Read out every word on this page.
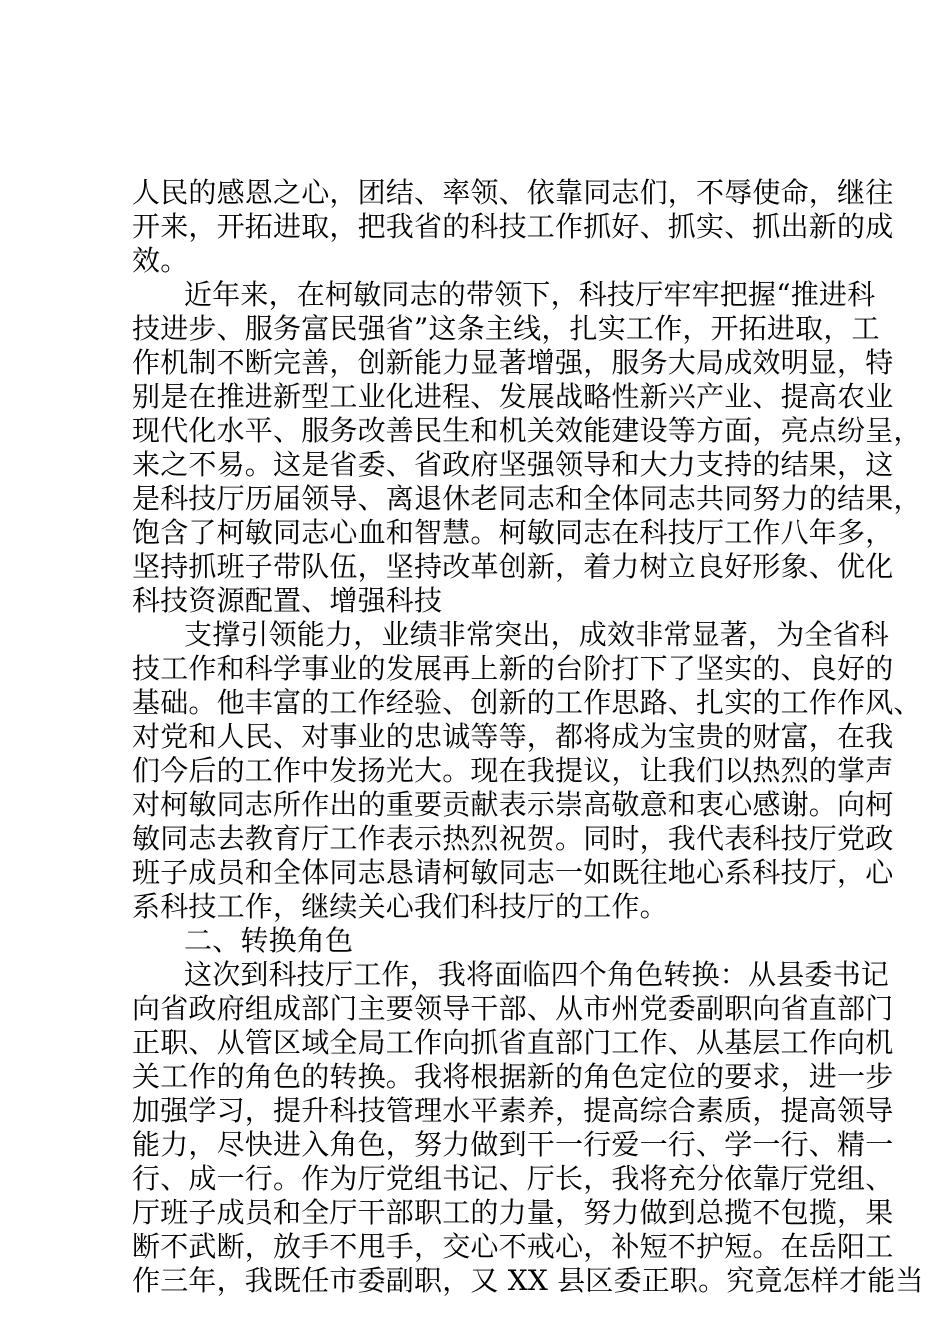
人民的感恩之心，团结、率领、依靠同志们，不辱使命，继往
开来，开拓进取，把我省的科技工作抓好、抓实、抓出新的成
效。
近年来，在柯敏同志的带领下，科技厅牢牢把握“推进科
技进步、服务富民强省”这条主线，扎实工作，开拓进取，工
作机制不断完善，创新能力显著增强，服务大局成效明显，特
别是在推进新型工业化进程、发展战略性新兴产业、提高农业
现代化水平、服务改善民生和机关效能建设等方面，亮点纷呈，
来之不易。这是省委、省政府坚强领导和大力支持的结果，这
是科技厅历届领导、离退休老同志和全体同志共同努力的结果，
饱含了柯敏同志心血和智慧。柯敏同志在科技厅工作八年多，
坚持抓班子带队伍，坚持改革创新，着力树立良好形象、优化
科技资源配置、增强科技
支撑引领能力，业绩非常突出，成效非常显著，为全省科
技工作和科学事业的发展再上新的台阶打下了坚实的、良好的
基础。他丰富的工作经验、创新的工作思路、扎实的工作作风、
对党和人民、对事业的忠诚等等，都将成为宝贵的财富，在我
们今后的工作中发扬光大。现在我提议，让我们以热烈的掌声
对柯敏同志所作出的重要贡献表示崇高敬意和衷心感谢。向柯
敏同志去教育厅工作表示热烈祝贺。同时，我代表科技厅党政
班子成员和全体同志恳请柯敏同志一如既往地心系科技厅，心
系科技工作，继续关心我们科技厅的工作。
二、转换角色
这次到科技厅工作，我将面临四个角色转换：从县委书记
向省政府组成部门主要领导干部、从市州党委副职向省直部门
正职、从管区域全局工作向抓省直部门工作、从基层工作向机
关工作的角色的转换。我将根据新的角色定位的要求，进一步
加强学习，提升科技管理水平素养，提高综合素质，提高领导
能力，尽快进入角色，努力做到干一行爱一行、学一行、精一
行、成一行。作为厅党组书记、厅长，我将充分依靠厅党组、
厅班子成员和全厅干部职工的力量，努力做到总揽不包揽，果
断不武断，放手不甩手，交心不戒心，补短不护短。在岳阳工
作三年，我既任市委副职，又 XX 县区委正职。究竟怎样才能当
